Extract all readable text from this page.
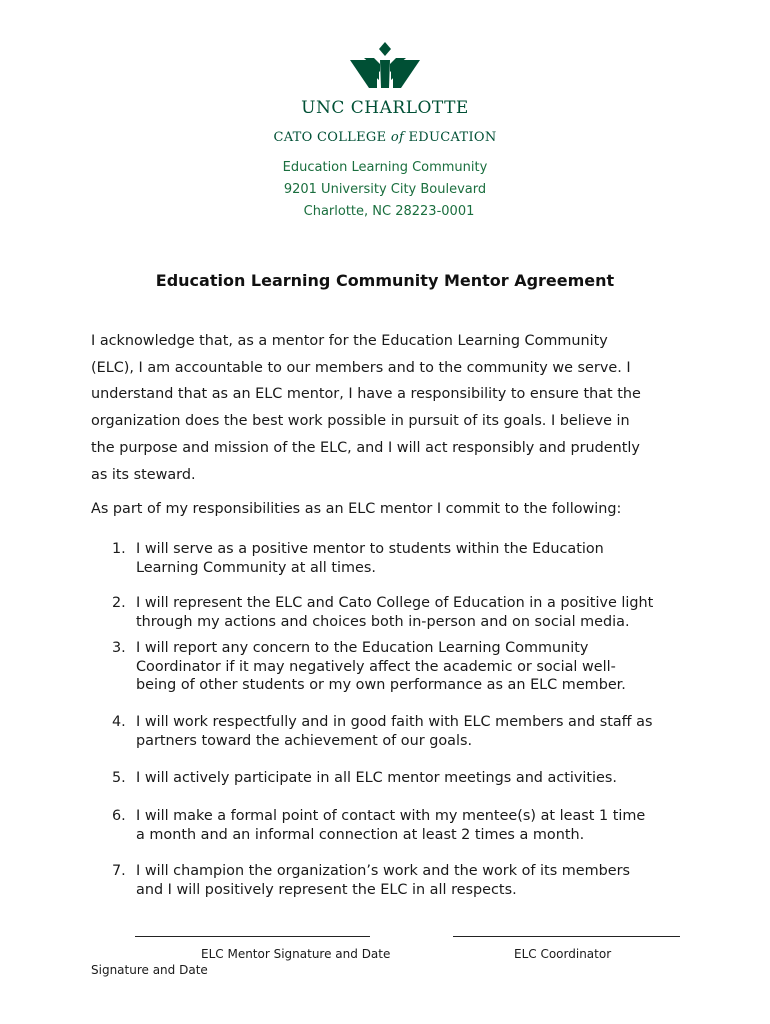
UNC CHARLOTTE
CATO COLLEGE of EDUCATION
Education Learning Community
9201 University City Boulevard
Charlotte, NC 28223-0001
Education Learning Community Mentor Agreement
I acknowledge that, as a mentor for the Education Learning Community
(ELC), I am accountable to our members and to the community we serve. I
understand that as an ELC mentor, I have a responsibility to ensure that the
organization does the best work possible in pursuit of its goals. I believe in
the purpose and mission of the ELC, and I will act responsibly and prudently
as its steward.
As part of my responsibilities as an ELC mentor I commit to the following:
1. I will serve as a positive mentor to students within the Education
Learning Community at all times.
2. I will represent the ELC and Cato College of Education in a positive light
through my actions and choices both in-person and on social media.
3. I will report any concern to the Education Learning Community
Coordinator if it may negatively affect the academic or social well-
being of other students or my own performance as an ELC member.
4. I will work respectfully and in good faith with ELC members and staff as
partners toward the achievement of our goals.
5. I will actively participate in all ELC mentor meetings and activities.
6. I will make a formal point of contact with my mentee(s) at least 1 time
a month and an informal connection at least 2 times a month.
7. I will champion the organization’s work and the work of its members
and I will positively represent the ELC in all respects.
ELC Mentor Signature and Date	ELC Coordinator
Signature and Date
